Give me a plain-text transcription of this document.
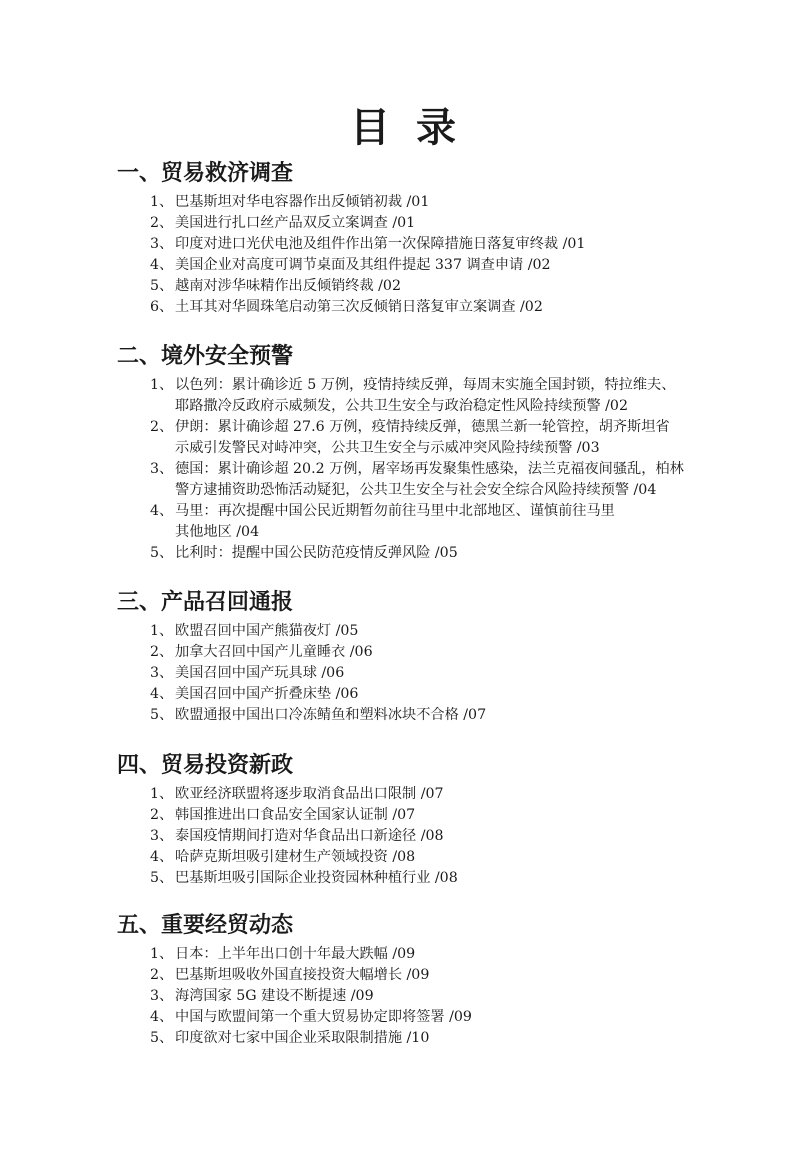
目 录
一、贸易救济调查
1、 巴基斯坦对华电容器作出反倾销初裁 /01
2、 美国进行扎口丝产品双反立案调查 /01
3、 印度对进口光伏电池及组件作出第一次保障措施日落复审终裁 /01
4、 美国企业对高度可调节桌面及其组件提起 337 调查申请 /02
5、 越南对涉华味精作出反倾销终裁 /02
6、 土耳其对华圆珠笔启动第三次反倾销日落复审立案调查 /02
二、境外安全预警
1、 以色列：累计确诊近 5 万例，疫情持续反弹，每周末实施全国封锁，特拉维夫、
耶路撒冷反政府示威频发，公共卫生安全与政治稳定性风险持续预警 /02
2、 伊朗：累计确诊超 27.6 万例，疫情持续反弹，德黑兰新一轮管控，胡齐斯坦省
示威引发警民对峙冲突，公共卫生安全与示威冲突风险持续预警 /03
3、 德国：累计确诊超 20.2 万例，屠宰场再发聚集性感染，法兰克福夜间骚乱，柏林
警方逮捕资助恐怖活动疑犯，公共卫生安全与社会安全综合风险持续预警 /04
4、 马里：再次提醒中国公民近期暂勿前往马里中北部地区、谨慎前往马里
其他地区 /04
5、 比利时：提醒中国公民防范疫情反弹风险 /05
三、产品召回通报
1、 欧盟召回中国产熊猫夜灯 /05
2、 加拿大召回中国产儿童睡衣 /06
3、 美国召回中国产玩具球 /06
4、 美国召回中国产折叠床垫 /06
5、 欧盟通报中国出口冷冻鲭鱼和塑料冰块不合格 /07
四、贸易投资新政
1、 欧亚经济联盟将逐步取消食品出口限制 /07
2、 韩国推进出口食品安全国家认证制 /07
3、 泰国疫情期间打造对华食品出口新途径 /08
4、 哈萨克斯坦吸引建材生产领域投资 /08
5、 巴基斯坦吸引国际企业投资园林种植行业 /08
五、重要经贸动态
1、 日本：上半年出口创十年最大跌幅 /09
2、 巴基斯坦吸收外国直接投资大幅增长 /09
3、 海湾国家 5G 建设不断提速 /09
4、 中国与欧盟间第一个重大贸易协定即将签署 /09
5、 印度欲对七家中国企业采取限制措施 /10
